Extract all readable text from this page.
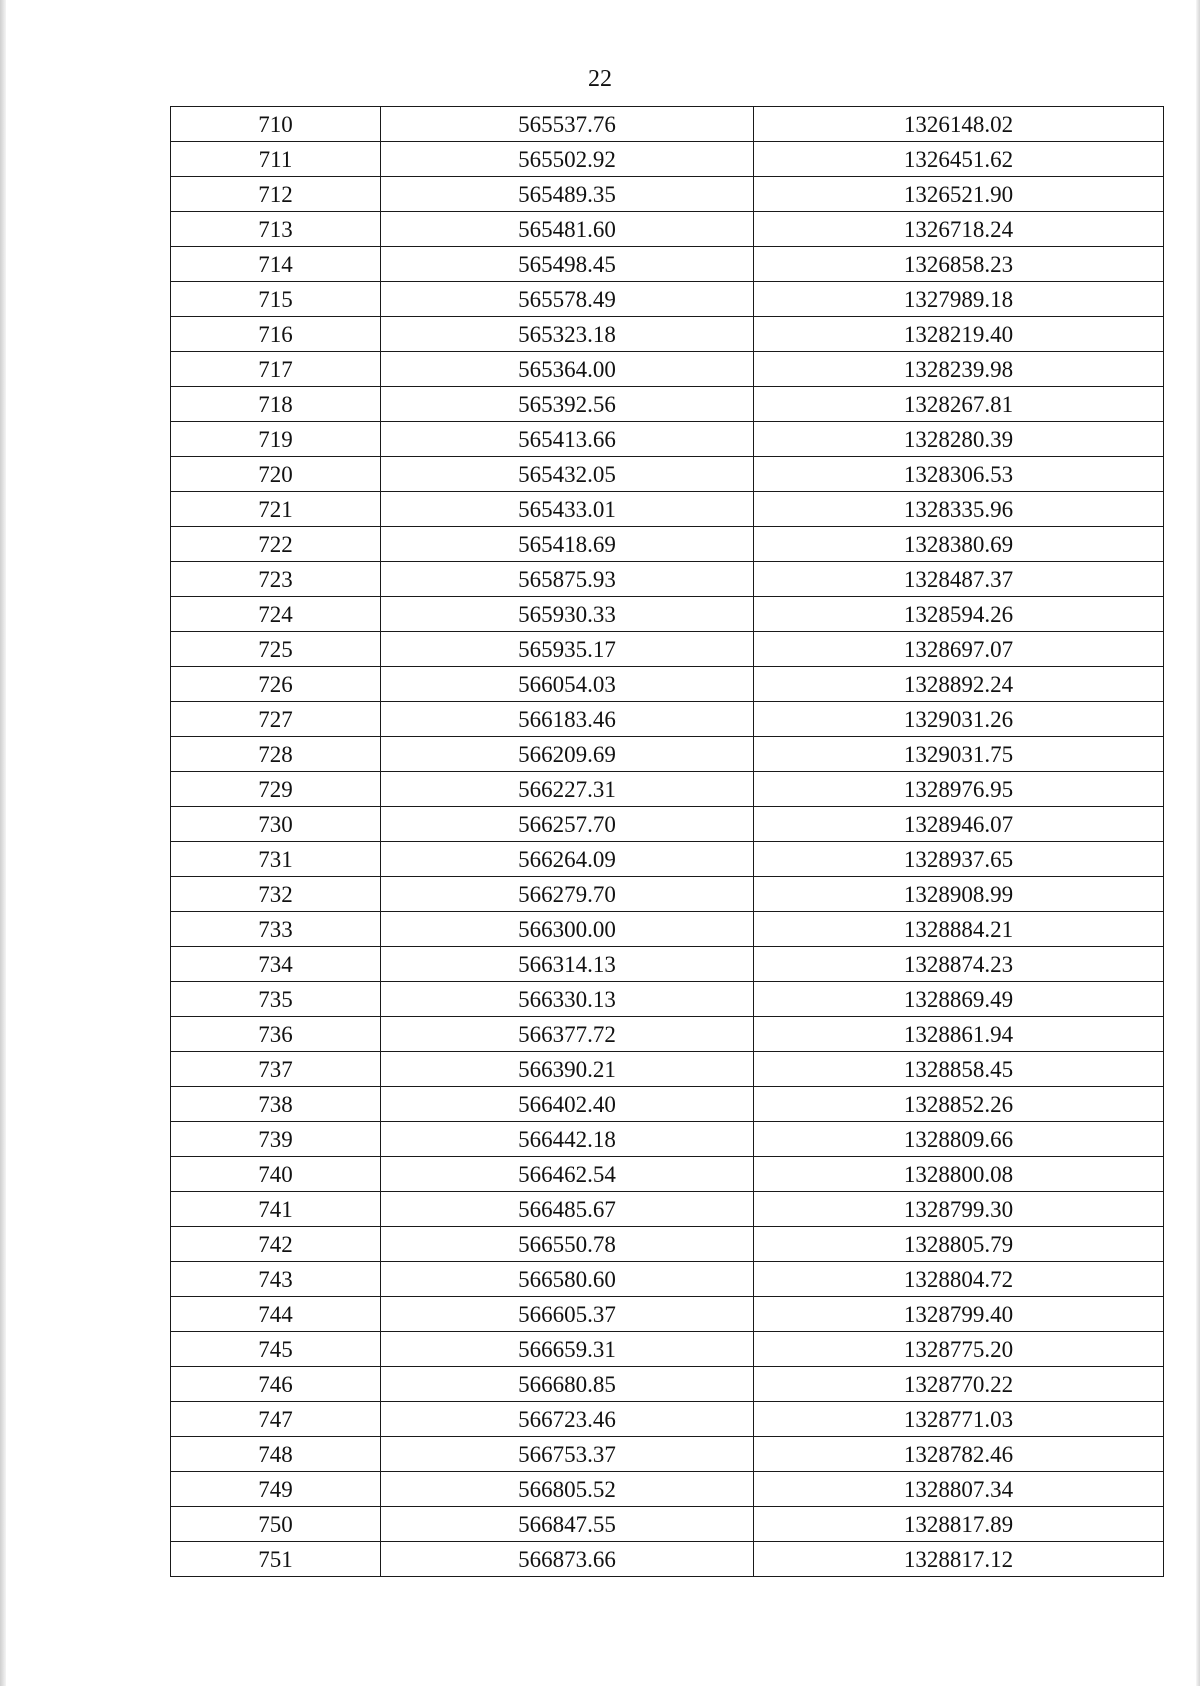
22
710	565537.76	1326148.02
711	565502.92	1326451.62
712	565489.35	1326521.90
713	565481.60	1326718.24
714	565498.45	1326858.23
715	565578.49	1327989.18
716	565323.18	1328219.40
717	565364.00	1328239.98
718	565392.56	1328267.81
719	565413.66	1328280.39
720	565432.05	1328306.53
721	565433.01	1328335.96
722	565418.69	1328380.69
723	565875.93	1328487.37
724	565930.33	1328594.26
725	565935.17	1328697.07
726	566054.03	1328892.24
727	566183.46	1329031.26
728	566209.69	1329031.75
729	566227.31	1328976.95
730	566257.70	1328946.07
731	566264.09	1328937.65
732	566279.70	1328908.99
733	566300.00	1328884.21
734	566314.13	1328874.23
735	566330.13	1328869.49
736	566377.72	1328861.94
737	566390.21	1328858.45
738	566402.40	1328852.26
739	566442.18	1328809.66
740	566462.54	1328800.08
741	566485.67	1328799.30
742	566550.78	1328805.79
743	566580.60	1328804.72
744	566605.37	1328799.40
745	566659.31	1328775.20
746	566680.85	1328770.22
747	566723.46	1328771.03
748	566753.37	1328782.46
749	566805.52	1328807.34
750	566847.55	1328817.89
751	566873.66	1328817.12
